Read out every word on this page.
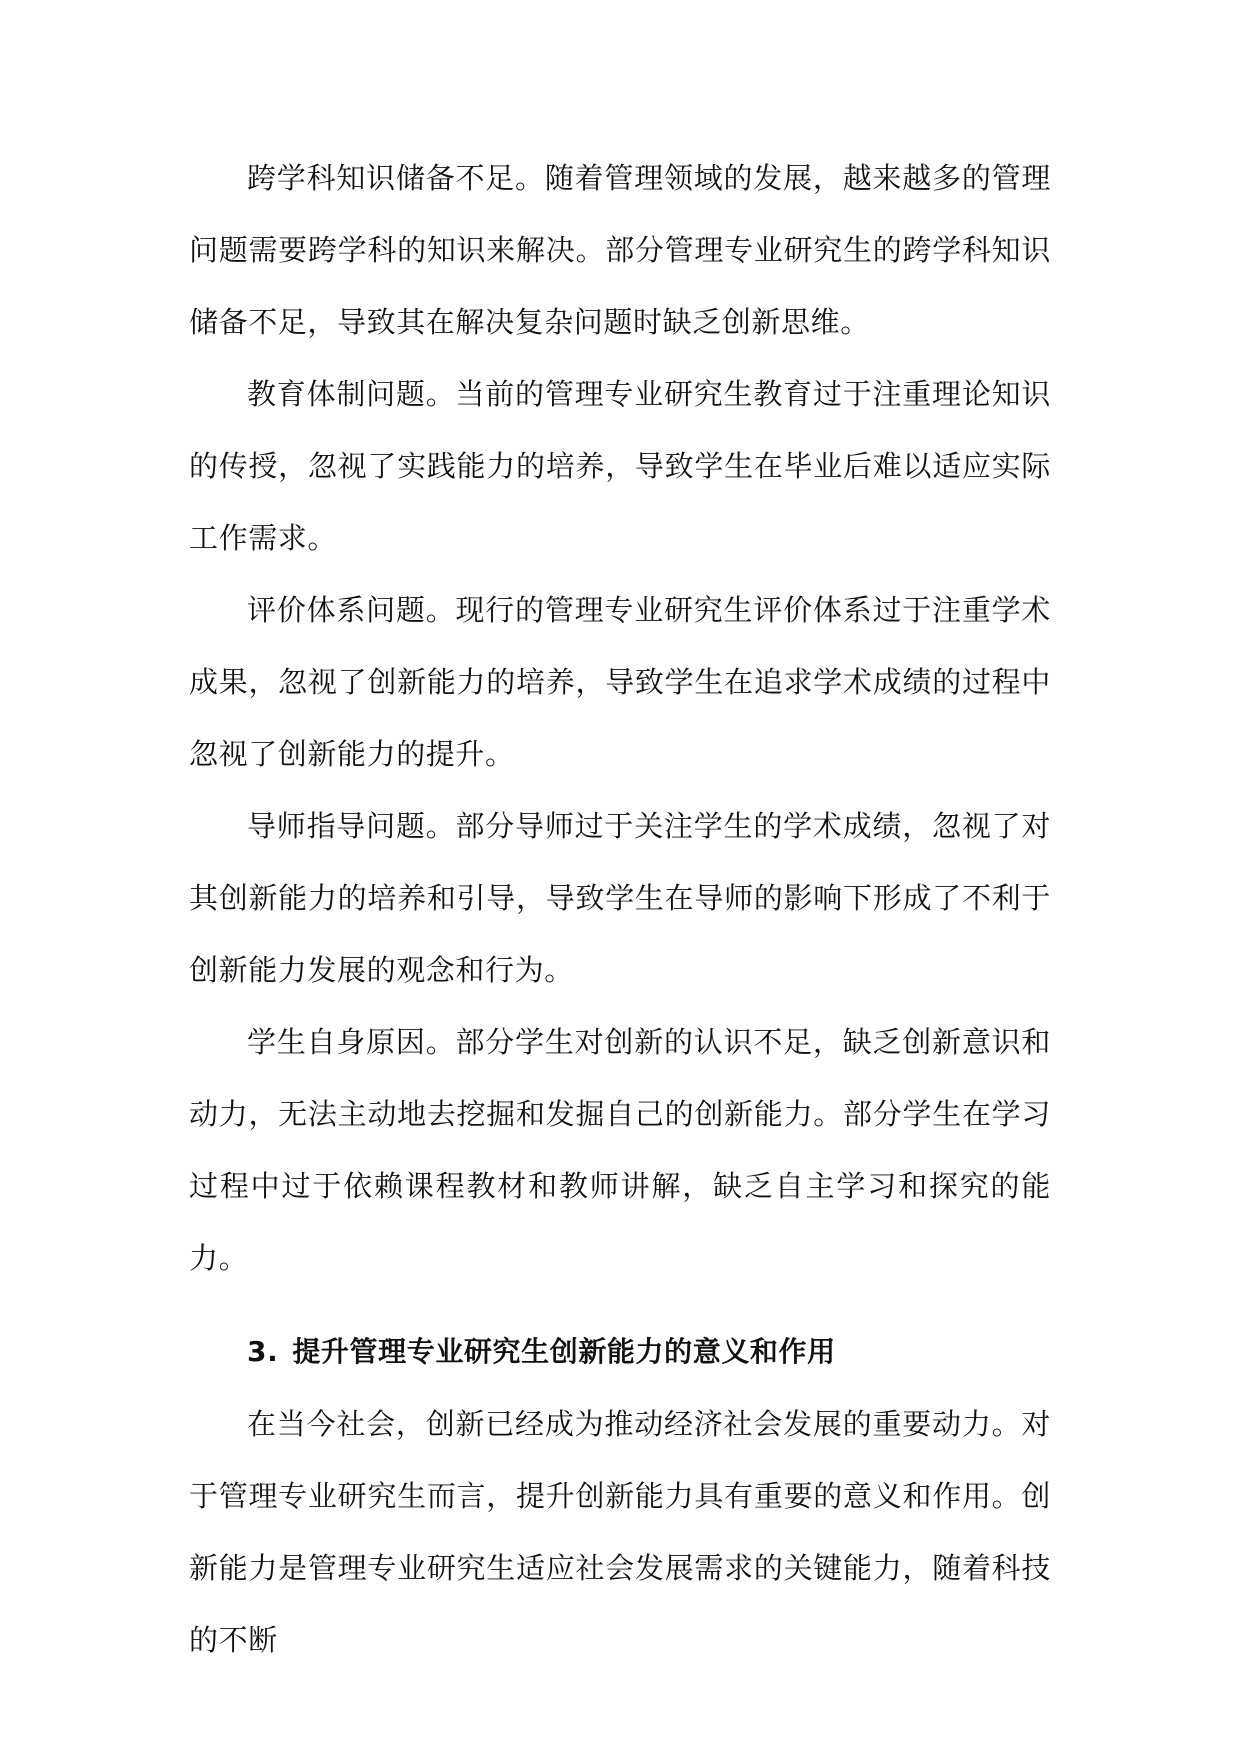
跨学科知识储备不足。随着管理领域的发展，越来越多的管理问题需要跨学科的知识来解决。部分管理专业研究生的跨学科知识储备不足，导致其在解决复杂问题时缺乏创新思维。

教育体制问题。当前的管理专业研究生教育过于注重理论知识的传授，忽视了实践能力的培养，导致学生在毕业后难以适应实际工作需求。

评价体系问题。现行的管理专业研究生评价体系过于注重学术成果，忽视了创新能力的培养，导致学生在追求学术成绩的过程中忽视了创新能力的提升。

导师指导问题。部分导师过于关注学生的学术成绩，忽视了对其创新能力的培养和引导，导致学生在导师的影响下形成了不利于创新能力发展的观念和行为。

学生自身原因。部分学生对创新的认识不足，缺乏创新意识和动力，无法主动地去挖掘和发掘自己的创新能力。部分学生在学习过程中过于依赖课程教材和教师讲解，缺乏自主学习和探究的能力。

3. 提升管理专业研究生创新能力的意义和作用

在当今社会，创新已经成为推动经济社会发展的重要动力。对于管理专业研究生而言，提升创新能力具有重要的意义和作用。创新能力是管理专业研究生适应社会发展需求的关键能力，随着科技的不断
